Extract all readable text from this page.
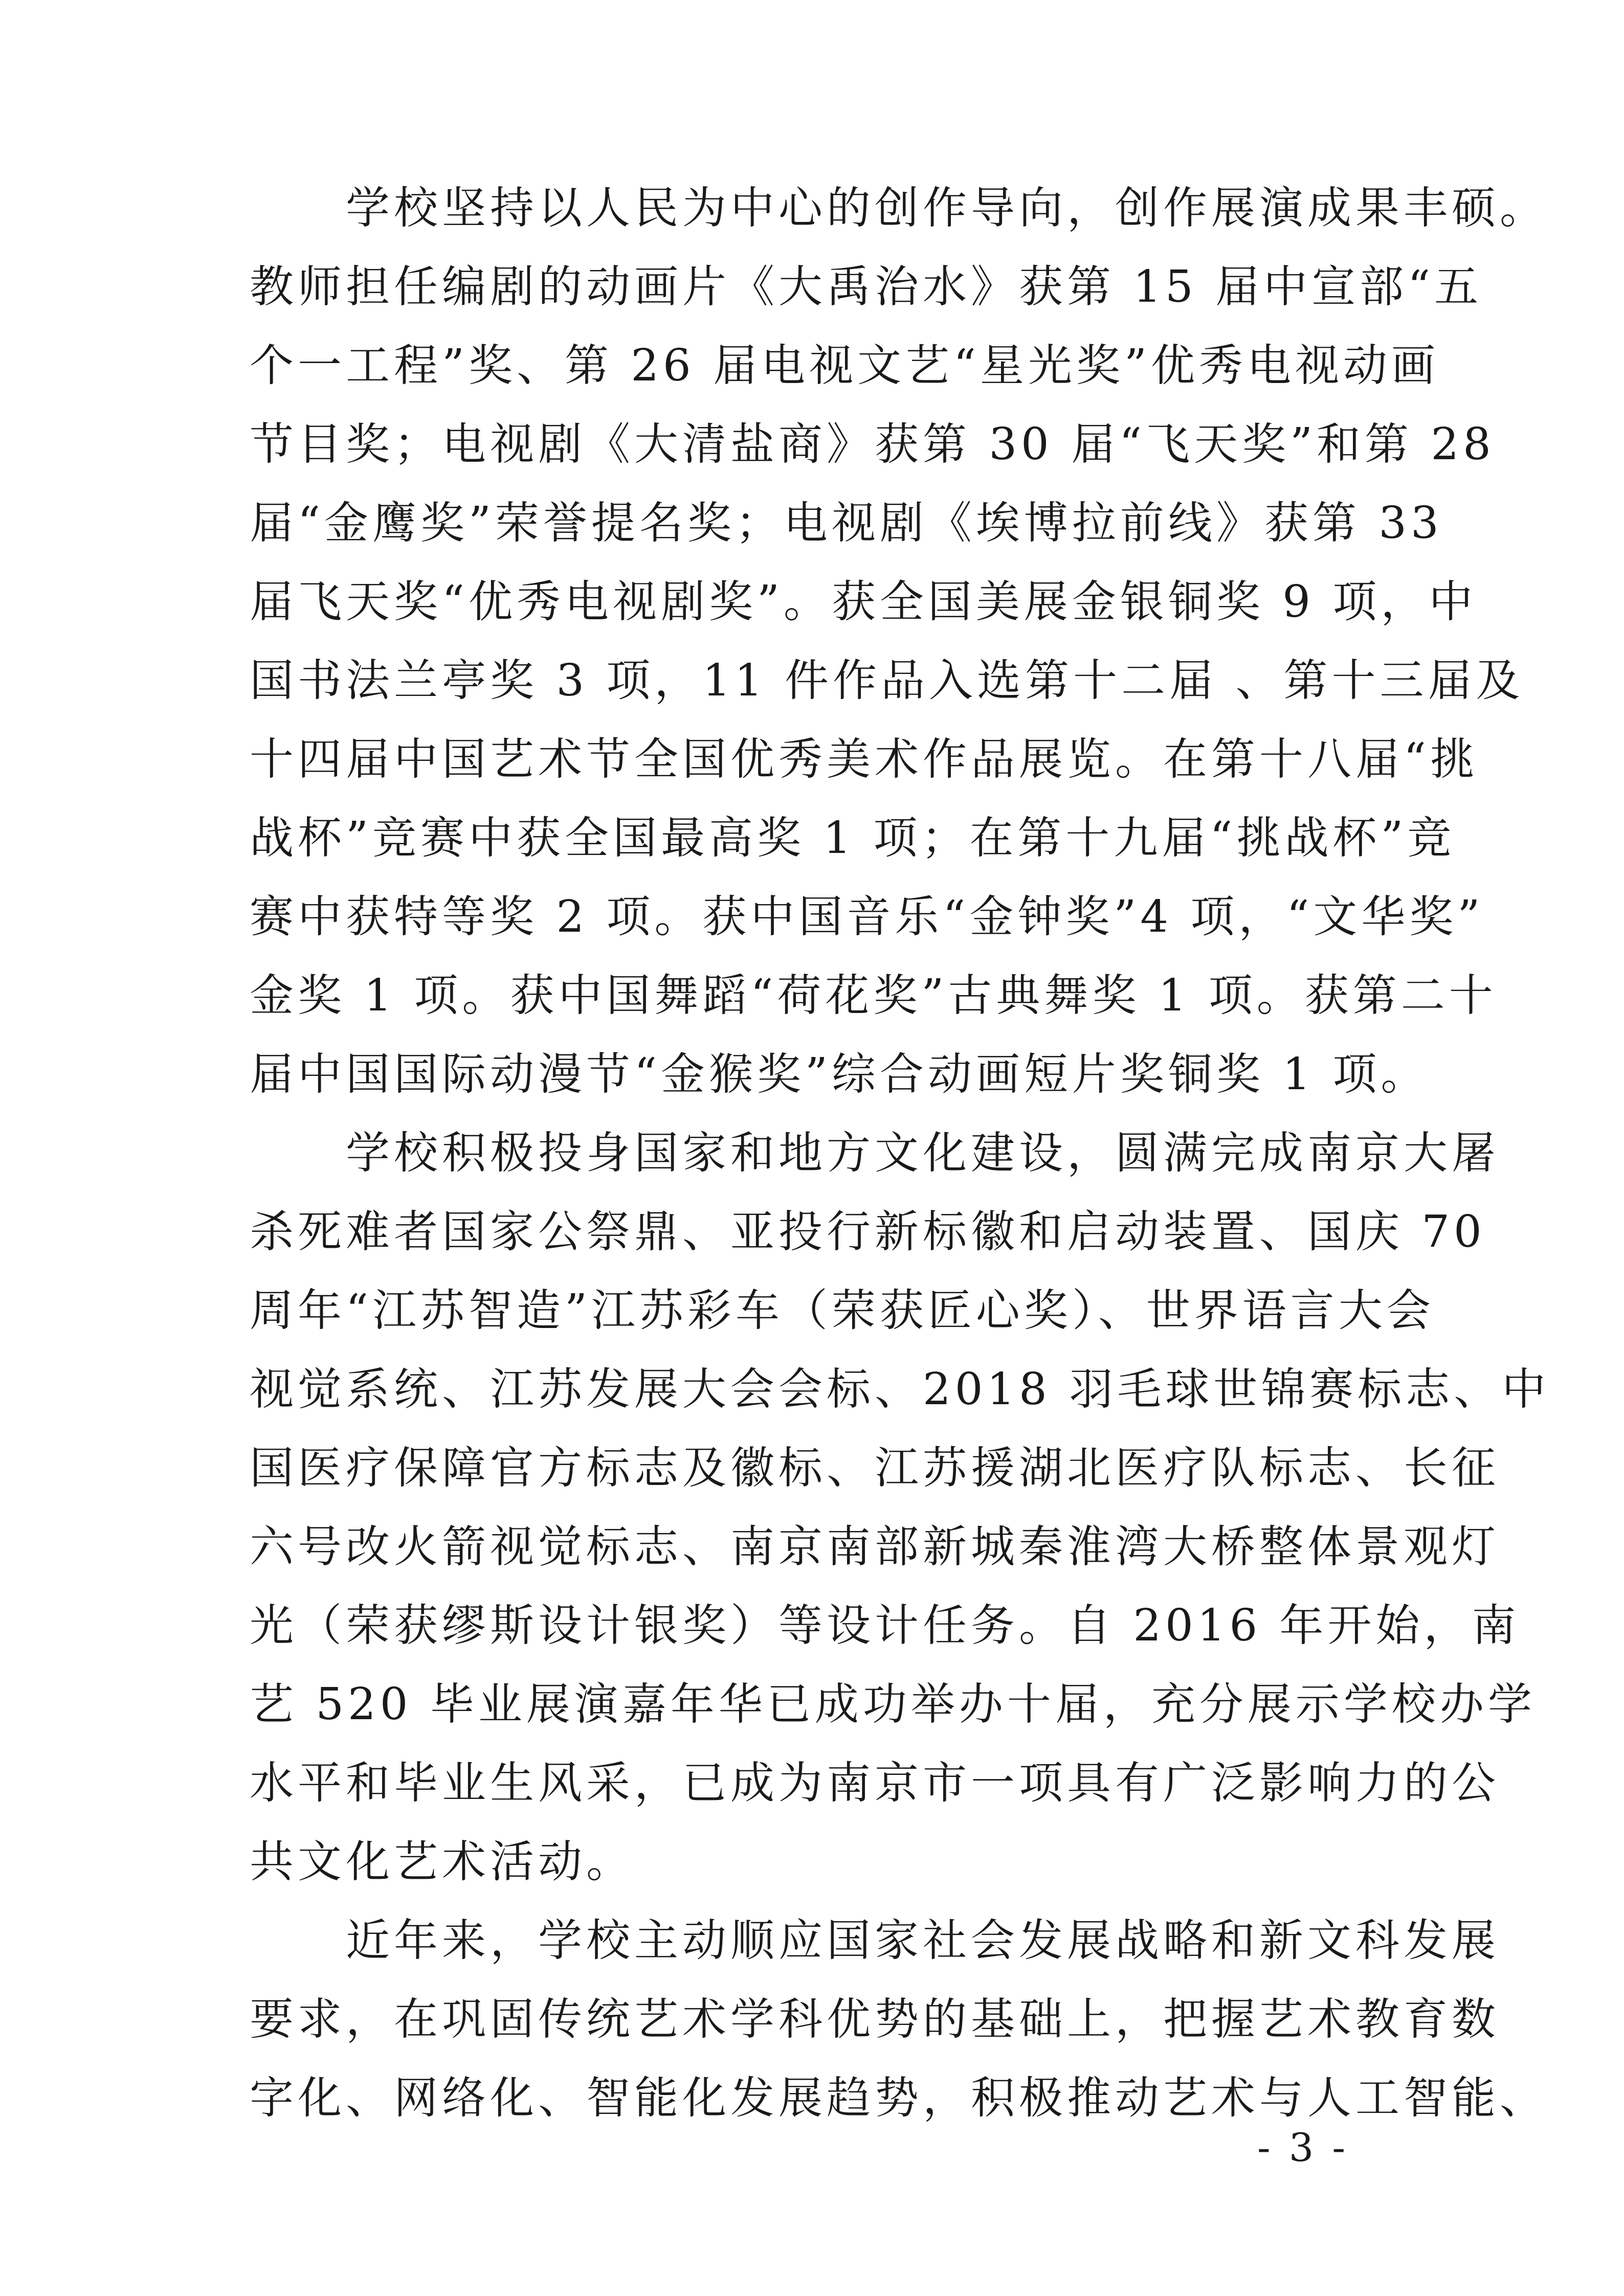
　　学校坚持以人民为中心的创作导向，创作展演成果丰硕。

教师担任编剧的动画片《大禹治水》获第 15 届中宣部“五

个一工程”奖、第 26 届电视文艺“星光奖”优秀电视动画

节目奖；电视剧《大清盐商》获第 30 届“飞天奖”和第 28

届“金鹰奖”荣誉提名奖；电视剧《埃博拉前线》获第 33

届飞天奖“优秀电视剧奖”。获全国美展金银铜奖 9 项，中

国书法兰亭奖 3 项，11 件作品入选第十二届 、第十三届及

十四届中国艺术节全国优秀美术作品展览。在第十八届“挑

战杯”竞赛中获全国最高奖 1 项；在第十九届“挑战杯”竞

赛中获特等奖 2 项。获中国音乐“金钟奖”4 项，“文华奖”

金奖 1 项。获中国舞蹈“荷花奖”古典舞奖 1 项。获第二十

届中国国际动漫节“金猴奖”综合动画短片奖铜奖 1 项。

　　学校积极投身国家和地方文化建设，圆满完成南京大屠

杀死难者国家公祭鼎、亚投行新标徽和启动装置、国庆 70

周年“江苏智造”江苏彩车（荣获匠心奖）、世界语言大会

视觉系统、江苏发展大会会标、2018 羽毛球世锦赛标志、中

国医疗保障官方标志及徽标、江苏援湖北医疗队标志、长征

六号改火箭视觉标志、南京南部新城秦淮湾大桥整体景观灯

光（荣获缪斯设计银奖）等设计任务。自 2016 年开始，南

艺 520 毕业展演嘉年华已成功举办十届，充分展示学校办学

水平和毕业生风采，已成为南京市一项具有广泛影响力的公

共文化艺术活动。

　　近年来，学校主动顺应国家社会发展战略和新文科发展

要求，在巩固传统艺术学科优势的基础上，把握艺术教育数

字化、网络化、智能化发展趋势，积极推动艺术与人工智能、

- 3 -
